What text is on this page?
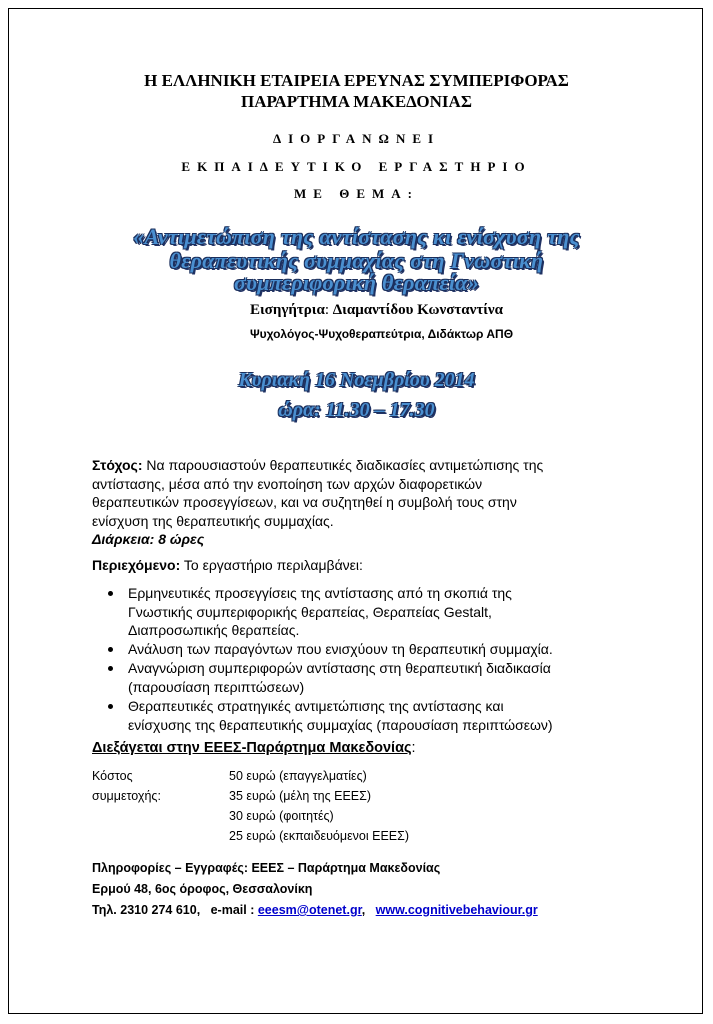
Η ΕΛΛΗΝΙΚΗ ΕΤΑΙΡΕΙΑ ΕΡΕΥΝΑΣ ΣΥΜΠΕΡΙΦΟΡΑΣ
ΠΑΡΑΡΤΗΜΑ ΜΑΚΕΔΟΝΙΑΣ
ΔΙΟΡΓΑΝΩΝΕΙ
ΕΚΠΑΙΔΕΥΤΙΚΟ ΕΡΓΑΣΤΗΡΙΟ
ΜΕ ΘΕΜΑ:
«Αντιμετώπιση της αντίστασης κι ενίσχυση της
θεραπευτικής συμμαχίας στη Γνωστική
συμπεριφορική θεραπεία»
Εισηγήτρια: Διαμαντίδου Κωνσταντίνα
Ψυχολόγος-Ψυχοθεραπεύτρια, Διδάκτωρ ΑΠΘ
Κυριακή 16 Νοεμβρίου 2014
ώρα: 11.30 – 17.30
Στόχος: Να παρουσιαστούν θεραπευτικές διαδικασίες αντιμετώπισης της
αντίστασης, μέσα από την ενοποίηση των αρχών διαφορετικών
θεραπευτικών προσεγγίσεων, και να συζητηθεί η συμβολή τους στην
ενίσχυση της θεραπευτικής συμμαχίας.
Διάρκεια: 8 ώρες
Περιεχόμενο: Το εργαστήριο περιλαμβάνει:
Ερμηνευτικές προσεγγίσεις της αντίστασης από τη σκοπιά της
Γνωστικής συμπεριφορικής θεραπείας, Θεραπείας Gestalt,
Διαπροσωπικής θεραπείας.
Ανάλυση των παραγόντων που ενισχύουν τη θεραπευτική συμμαχία.
Αναγνώριση συμπεριφορών αντίστασης στη θεραπευτική διαδικασία
(παρουσίαση περιπτώσεων)
Θεραπευτικές στρατηγικές αντιμετώπισης της αντίστασης και
ενίσχυσης της θεραπευτικής συμμαχίας (παρουσίαση περιπτώσεων)
Διεξάγεται στην ΕΕΕΣ-Παράρτημα Μακεδονίας:
Κόστος συμμετοχής:
50 ευρώ (επαγγελματίες)
35 ευρώ (μέλη της ΕΕΕΣ)
30 ευρώ (φοιτητές)
25 ευρώ (εκπαιδευόμενοι ΕΕΕΣ)
Πληροφορίες – Εγγραφές: ΕΕΕΣ – Παράρτημα Μακεδονίας
Ερμού 48, 6ος όροφος, Θεσσαλονίκη
Τηλ. 2310 274 610, e-mail : eeesm@otenet.gr, www.cognitivebehaviour.gr
